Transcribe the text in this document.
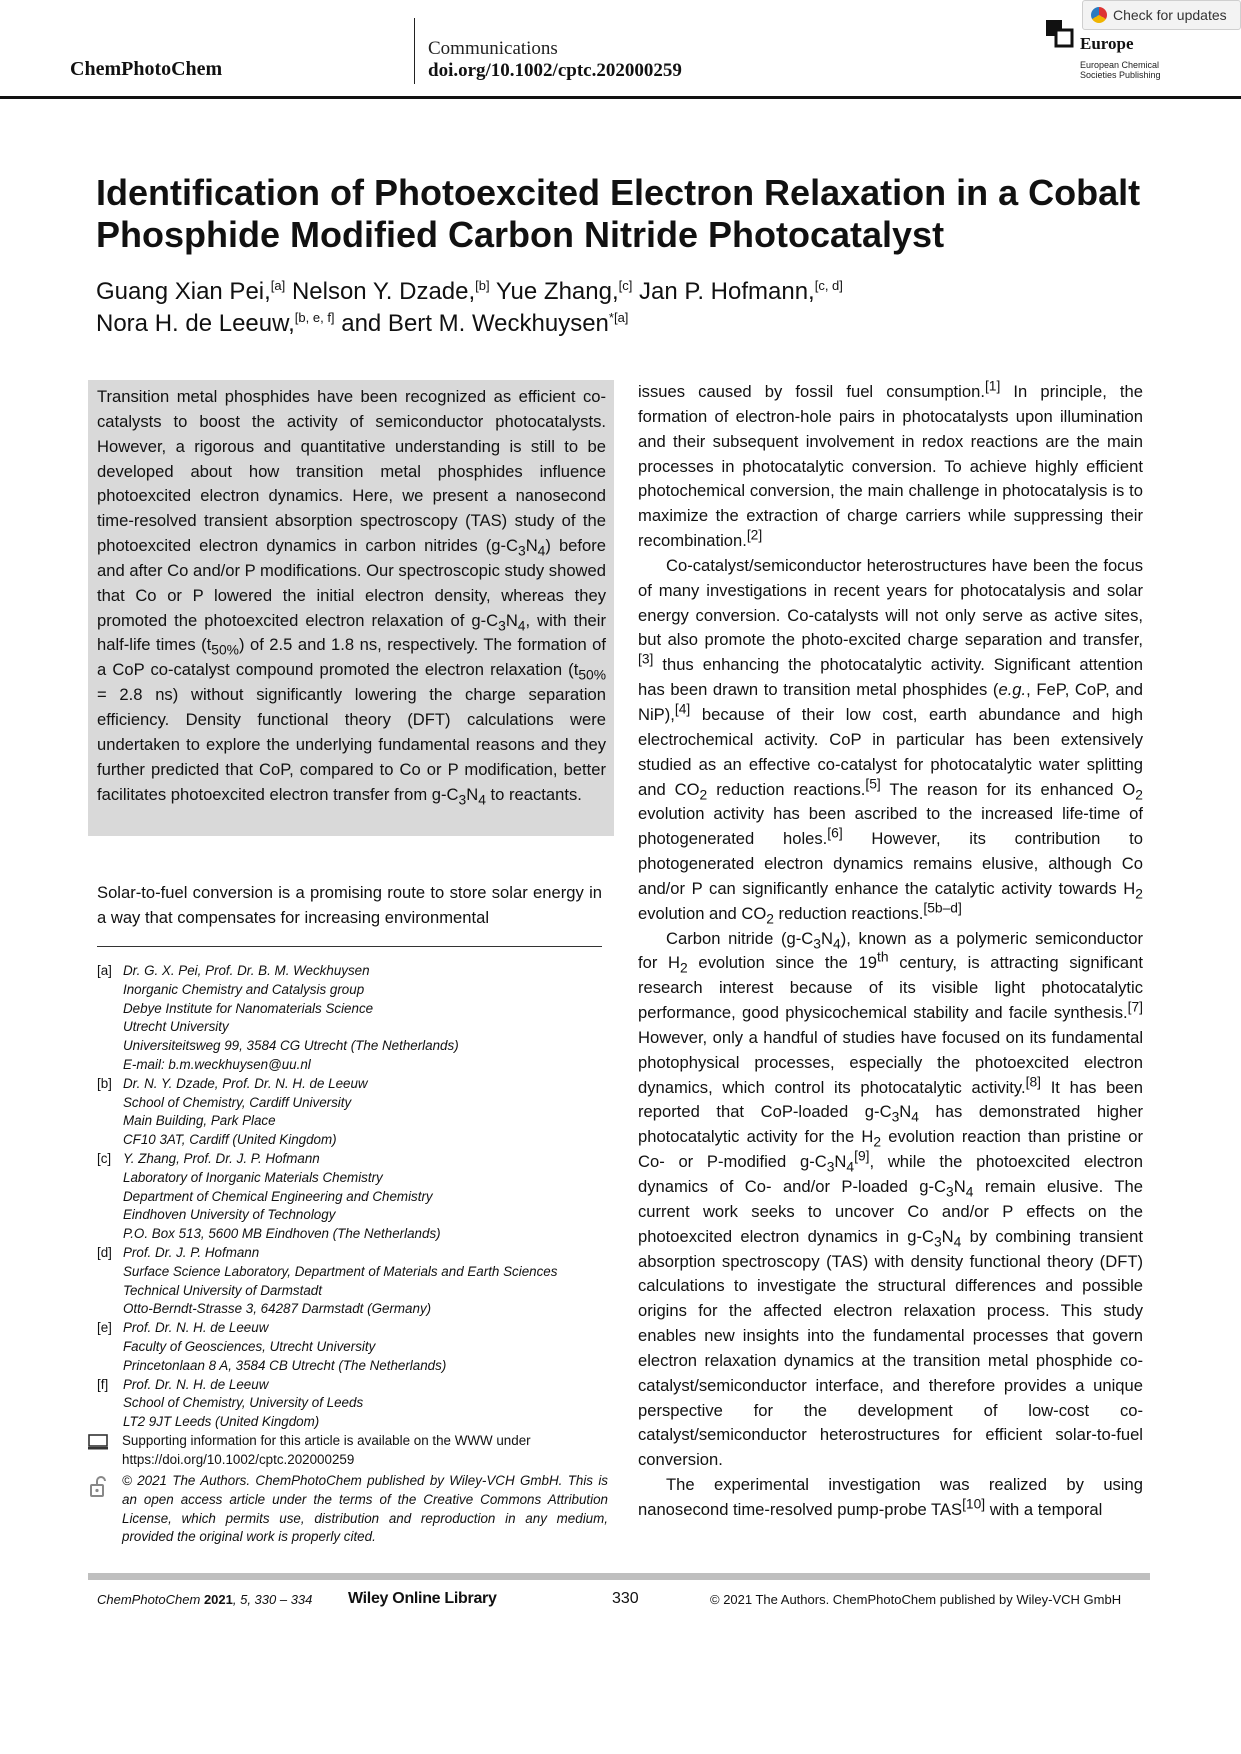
ChemPhotoChem
Communications
doi.org/10.1002/cptc.202000259
Europe
European Chemical Societies Publishing
Check for updates
Identification of Photoexcited Electron Relaxation in a Cobalt Phosphide Modified Carbon Nitride Photocatalyst
Guang Xian Pei,[a] Nelson Y. Dzade,[b] Yue Zhang,[c] Jan P. Hofmann,[c, d]
Nora H. de Leeuw,[b, e, f] and Bert M. Weckhuysen$^{*[a]}$
Transition metal phosphides have been recognized as efficient co-catalysts to boost the activity of semiconductor photocatalysts. However, a rigorous and quantitative understanding is still to be developed about how transition metal phosphides influence photoexcited electron dynamics. Here, we present a nanosecond time-resolved transient absorption spectroscopy (TAS) study of the photoexcited electron dynamics in carbon nitrides $(g-C_3N_4)$ before and after Co and/or P modifications. Our spectroscopic study showed that Co or P lowered the initial electron density, whereas they promoted the photoexcited electron relaxation of $g-C_3N_4$, with their half-life times $(t_{50\%})$ of 2.5 and 1.8 ns, respectively. The formation of a CoP co-catalyst compound promoted the electron relaxation ($t_{50\%} = 2.8$ ns) without significantly lowering the charge separation efficiency. Density functional theory (DFT) calculations were undertaken to explore the underlying fundamental reasons and they further predicted that CoP, compared to Co or P modification, better facilitates photoexcited electron transfer from $g-C_3N_4$ to reactants.
Solar-to-fuel conversion is a promising route to store solar energy in a way that compensates for increasing environmental
[a] Dr. G. X. Pei, Prof. Dr. B. M. Weckhuysen
Inorganic Chemistry and Catalysis group
Debye Institute for Nanomaterials Science
Utrecht University
Universiteitsweg 99, 3584 CG Utrecht (The Netherlands)
E-mail: b.m.weckhuysen@uu.nl
[b] Dr. N. Y. Dzade, Prof. Dr. N. H. de Leeuw
School of Chemistry, Cardiff University
Main Building, Park Place
CF10 3AT, Cardiff (United Kingdom)
[c] Y. Zhang, Prof. Dr. J. P. Hofmann
Laboratory of Inorganic Materials Chemistry
Department of Chemical Engineering and Chemistry
Eindhoven University of Technology
P.O. Box 513, 5600 MB Eindhoven (The Netherlands)
[d] Prof. Dr. J. P. Hofmann
Surface Science Laboratory, Department of Materials and Earth Sciences
Technical University of Darmstadt
Otto-Berndt-Strasse 3, 64287 Darmstadt (Germany)
[e] Prof. Dr. N. H. de Leeuw
Faculty of Geosciences, Utrecht University
Princetonlaan 8 A, 3584 CB Utrecht (The Netherlands)
[f] Prof. Dr. N. H. de Leeuw
School of Chemistry, University of Leeds
LT2 9JT Leeds (United Kingdom)
Supporting information for this article is available on the WWW under https://doi.org/10.1002/cptc.202000259
© 2021 The Authors. ChemPhotoChem published by Wiley-VCH GmbH. This is an open access article under the terms of the Creative Commons Attribution License, which permits use, distribution and reproduction in any medium, provided the original work is properly cited.

issues caused by fossil fuel consumption.[1] In principle, the formation of electron-hole pairs in photocatalysts upon illumination and their subsequent involvement in redox reactions are the main processes in photocatalytic conversion. To achieve highly efficient photochemical conversion, the main challenge in photocatalysis is to maximize the extraction of charge carriers while suppressing their recombination.[2]

Co-catalyst/semiconductor heterostructures have been the focus of many investigations in recent years for photocatalysis and solar energy conversion. Co-catalysts will not only serve as active sites, but also promote the photo-excited charge separation and transfer,[3] thus enhancing the photocatalytic activity. Significant attention has been drawn to transition metal phosphides (e.g., FeP, CoP, and NiP),[4] because of their low cost, earth abundance and high electrochemical activity. CoP in particular has been extensively studied as an effective co-catalyst for photocatalytic water splitting and $CO_2$ reduction reactions.[5] The reason for its enhanced $O_2$ evolution activity has been ascribed to the increased life-time of photogenerated holes.[6] However, its contribution to photogenerated electron dynamics remains elusive, although Co and/or P can significantly enhance the catalytic activity towards $H_2$ evolution and $CO_2$ reduction reactions.[5b–d]

Carbon nitride $(g-C_3N_4)$, known as a polymeric semiconductor for $H_2$ evolution since the 19th century, is attracting significant research interest because of its visible light photocatalytic performance, good physicochemical stability and facile synthesis.[7] However, only a handful of studies have focused on its fundamental photophysical processes, especially the photoexcited electron dynamics, which control its photocatalytic activity.[8] It has been reported that CoP-loaded $g-C_3N_4$ has demonstrated higher photocatalytic activity for the $H_2$ evolution reaction than pristine or Co- or P-modified $g-C_3N_4[9]$, while the photoexcited electron dynamics of Co- and/or P-loaded $g-C_3N_4$ remain elusive. The current work seeks to uncover Co and/or P effects on the photoexcited electron dynamics in $g-C_3N_4$ by combining transient absorption spectroscopy (TAS) with density functional theory (DFT) calculations to investigate the structural differences and possible origins for the affected electron relaxation process. This study enables new insights into the fundamental processes that govern electron relaxation dynamics at the transition metal phosphide co-catalyst/semiconductor interface, and therefore provides a unique perspective for the development of low-cost co-catalyst/semiconductor heterostructures for efficient solar-to-fuel conversion.

The experimental investigation was realized by using nanosecond time-resolved pump-probe TAS[10] with a temporal

ChemPhotoChem 2021, 5, 330 – 334 Wiley Online Library	330	© 2021 The Authors. ChemPhotoChem published by Wiley-VCH GmbH
